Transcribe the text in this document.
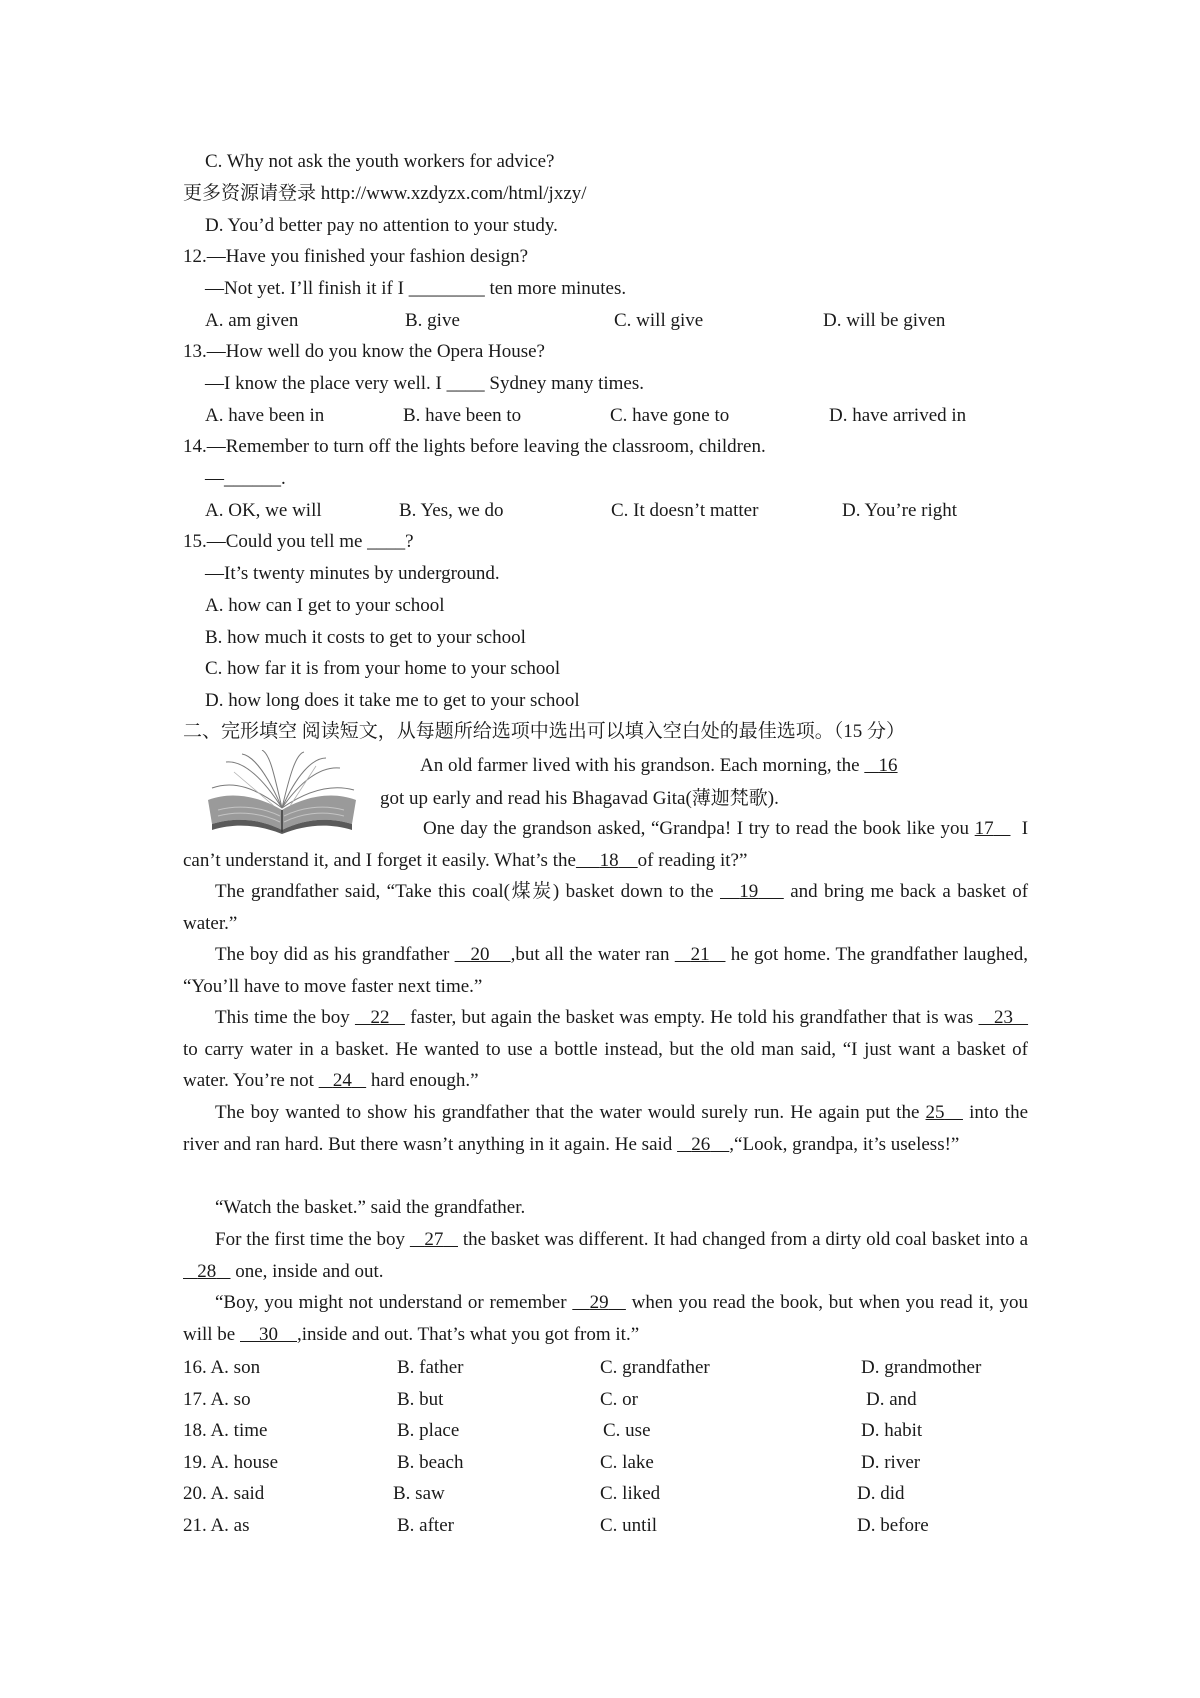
C. Why not ask the youth workers for advice?
更多资源请登录 http://www.xzdyzx.com/html/jxzy/
D. You’d better pay no attention to your study.
12.—Have you finished your fashion design?
—Not yet. I’ll finish it if I ________ ten more minutes.
A. am given	B. give	C. will give	D. will be given
13.—How well do you know the Opera House?
—I know the place very well. I ____ Sydney many times.
A. have been in	B. have been to	C. have gone to	D. have arrived in
14.—Remember to turn off the lights before leaving the classroom, children.
—______.
A. OK, we will	B. Yes, we do	C. It doesn’t matter	D. You’re right
15.—Could you tell me ____?
—It’s twenty minutes by underground.
A. how can I get to your school
B. how much it costs to get to your school
C. how far it is from your home to your school
D. how long does it take me to get to your school
二、完形填空 阅读短文，从每题所给选项中选出可以填入空白处的最佳选项。（15 分）

An old farmer lived with his grandson. Each morning, the 16

got up early and read his Bhagavad Gita(薄迦梵歌).

One day the grandson asked, “Grandpa! I try to read the book like you 17 I can’t understand it, and I forget it easily. What’s the 18 of reading it?”

The grandfather said, “Take this coal(煤炭) basket down to the 19 and bring me back a basket of water.”

The boy did as his grandfather 20 ,but all the water ran 21 he got home. The grandfather laughed, “You’ll have to move faster next time.”

This time the boy 22 faster, but again the basket was empty. He told his grandfather that is was 23    to carry water in a basket. He wanted to use a bottle instead, but the old man said, “I just want a basket of water. You’re not 24 hard enough.”

The boy wanted to show his grandfather that the water would surely run. He again put the 25 into the river and ran hard. But there wasn’t anything in it again. He said 26 ,“Look, grandpa, it’s useless!”

“Watch the basket.” said the grandfather.

For the first time the boy 27 the basket was different. It had changed from a dirty old coal basket into a    28 one, inside and out.

“Boy, you might not understand or remember 29 when you read the book, but when you read it, you will be 30 ,inside and out. That’s what you got from it.”

16. A. son	B. father	C. grandfather	D. grandmother
17. A. so	B. but	C. or	D. and
18. A. time	B. place	C. use	D. habit
19. A. house	B. beach	C. lake	D. river
20. A. said	B. saw	C. liked	D. did
21. A. as	B. after	C. until	D. before
